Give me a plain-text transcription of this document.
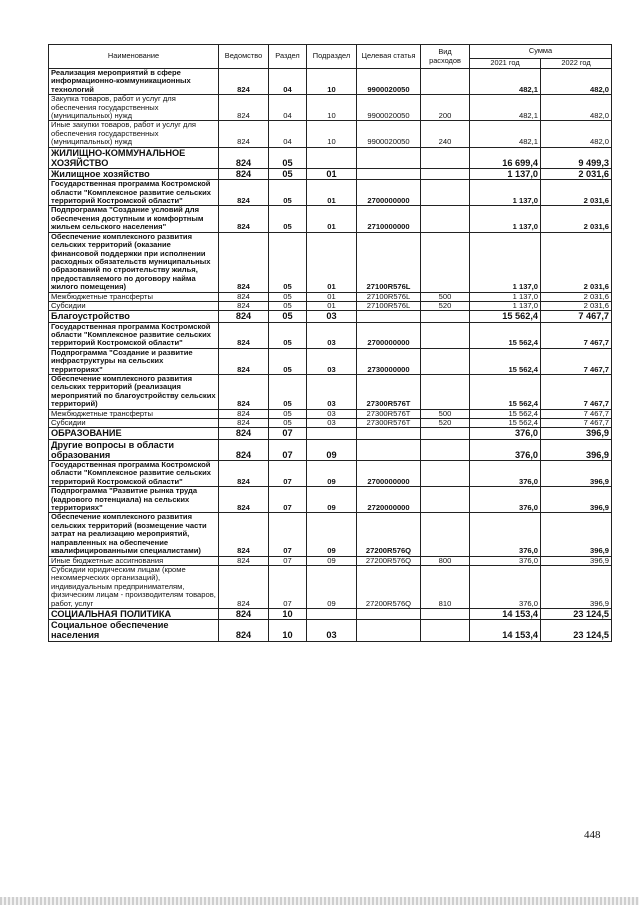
Наименование	Ведомство	Раздел	Подраздел	Целевая статья	Вид расходов	Сумма	
						2021 год	2022 год
Реализация мероприятий в сфере информационно-коммуникационных технологий	824	04	10	9900020050		482,1	482,0
Закупка товаров, работ и услуг для обеспечения государственных (муниципальных) нужд	824	04	10	9900020050	200	482,1	482,0
Иные закупки товаров, работ и услуг для обеспечения государственных (муниципальных) нужд	824	04	10	9900020050	240	482,1	482,0
ЖИЛИЩНО-КОММУНАЛЬНОЕ ХОЗЯЙСТВО	824	05				16 699,4	9 499,3
Жилищное хозяйство	824	05	01			1 137,0	2 031,6
Государственная программа Костромской области "Комплексное развитие сельских территорий Костромской области"	824	05	01	2700000000		1 137,0	2 031,6
Подпрограмма "Создание условий для обеспечения доступным и комфортным жильем сельского населения"	824	05	01	2710000000		1 137,0	2 031,6
Обеспечение комплексного развития сельских территорий (оказание финансовой поддержки при исполнении расходных обязательств муниципальных образований по строительству жилья, предоставляемого по договору найма жилого помещения)	824	05	01	27100R576L		1 137,0	2 031,6
Межбюджетные трансферты	824	05	01	27100R576L	500	1 137,0	2 031,6
Субсидии	824	05	01	27100R576L	520	1 137,0	2 031,6
Благоустройство	824	05	03			15 562,4	7 467,7
Государственная программа Костромской области "Комплексное развитие сельских территорий Костромской области"	824	05	03	2700000000		15 562,4	7 467,7
Подпрограмма "Создание и развитие инфраструктуры на сельских территориях"	824	05	03	2730000000		15 562,4	7 467,7
Обеспечение комплексного развития сельских территорий (реализация мероприятий по благоустройству сельских территорий)	824	05	03	27300R576T		15 562,4	7 467,7
Межбюджетные трансферты	824	05	03	27300R576T	500	15 562,4	7 467,7
Субсидии	824	05	03	27300R576T	520	15 562,4	7 467,7
ОБРАЗОВАНИЕ	824	07				376,0	396,9
Другие вопросы в области образования	824	07	09			376,0	396,9
Государственная программа Костромской области "Комплексное развитие сельских территорий Костромской области"	824	07	09	2700000000		376,0	396,9
Подпрограмма "Развитие рынка труда (кадрового потенциала) на сельских территориях"	824	07	09	2720000000		376,0	396,9
Обеспечение комплексного развития сельских территорий (возмещение части затрат на реализацию мероприятий, направленных на обеспечение квалифицированными специалистами)	824	07	09	27200R576Q		376,0	396,9
Иные бюджетные ассигнования	824	07	09	27200R576Q	800	376,0	396,9
Субсидии юридическим лицам (кроме некоммерческих организаций), индивидуальным предпринимателям, физическим лицам - производителям товаров, работ, услуг	824	07	09	27200R576Q	810	376,0	396,9
СОЦИАЛЬНАЯ ПОЛИТИКА	824	10				14 153,4	23 124,5
Социальное обеспечение населения	824	10	03			14 153,4	23 124,5
448
